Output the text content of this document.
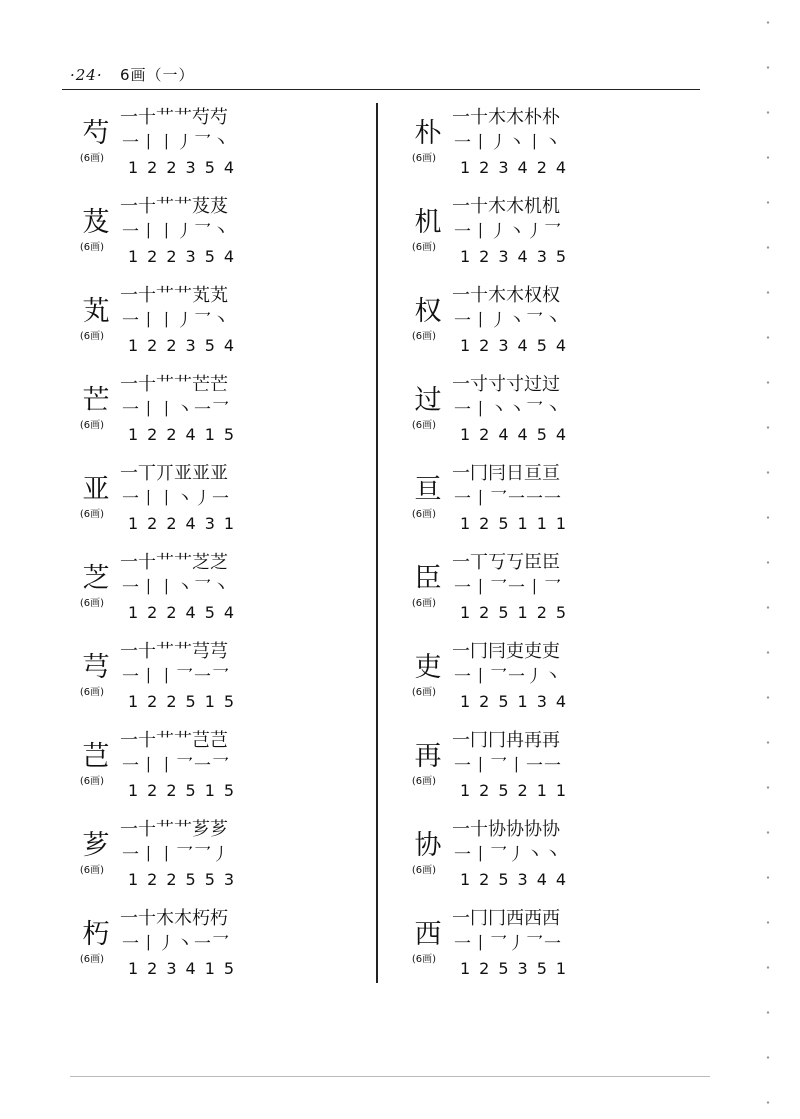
·24· 6画（一）
芍
(6画)
一十艹艹芍芍
一丨丨丿乛丶
122354
芨
(6画)
一十艹艹芨芨
一丨丨丿乛丶
122354
芄
(6画)
一十艹艹芄芄
一丨丨丿乛丶
122354
芒
(6画)
一十艹艹芒芒
一丨丨丶一乛
122415
亚
(6画)
一丅丌亚亚亚
一丨丨丶丿一
122431
芝
(6画)
一十艹艹芝芝
一丨丨丶乛丶
122454
芎
(6画)
一十艹艹芎芎
一丨丨乛一乛
122515
芑
(6画)
一十艹艹芑芑
一丨丨乛一乛
122515
芗
(6画)
一十艹艹芗芗
一丨丨乛乛丿
122553
朽
(6画)
一十木木朽朽
一丨丿丶一乛
123415
朴
(6画)
一十木木朴朴
一丨丿丶丨丶
123424
机
(6画)
一十木木机机
一丨丿丶丿乛
123435
权
(6画)
一十木木权权
一丨丿丶乛丶
123454
过
(6画)
一寸寸寸过过
一丨丶丶乛丶
124454
亘
(6画)
一冂冃日亘亘
一丨乛一一一
125111
臣
(6画)
一丅丂丂臣臣
一丨乛一丨乛
125125
吏
(6画)
一冂冃吏吏吏
一丨乛一丿丶
125134
再
(6画)
一冂冂冉再再
一丨乛丨一一
125211
协
(6画)
一十协协协协
一丨乛丿丶丶
125344
西
(6画)
一冂冂西西西
一丨乛丿乛一
125351
